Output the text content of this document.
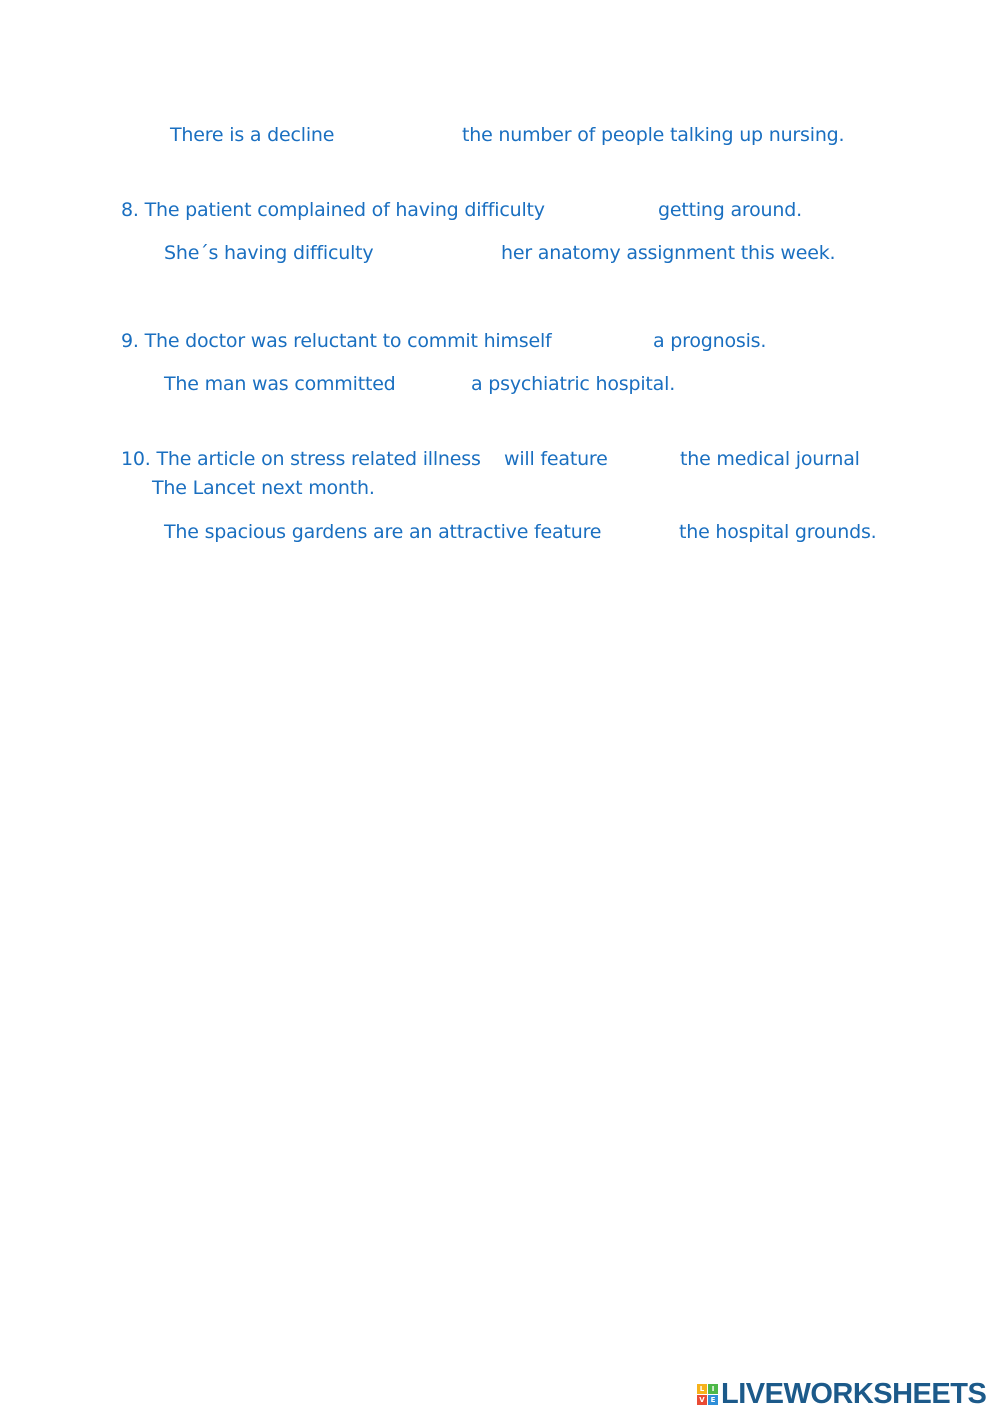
There is a decline	the number of people talking up nursing.
8. The patient complained of having difficulty	getting around.
She´s having difficulty	her anatomy assignment this week.
9. The doctor was reluctant to commit himself	a prognosis.
The man was committed	a psychiatric hospital.
10. The article on stress related illness will feature	the medical journal
The Lancet next month.
The spacious gardens are an attractive feature	the hospital grounds.
L	I
V E LIVEWORKSHEETS
